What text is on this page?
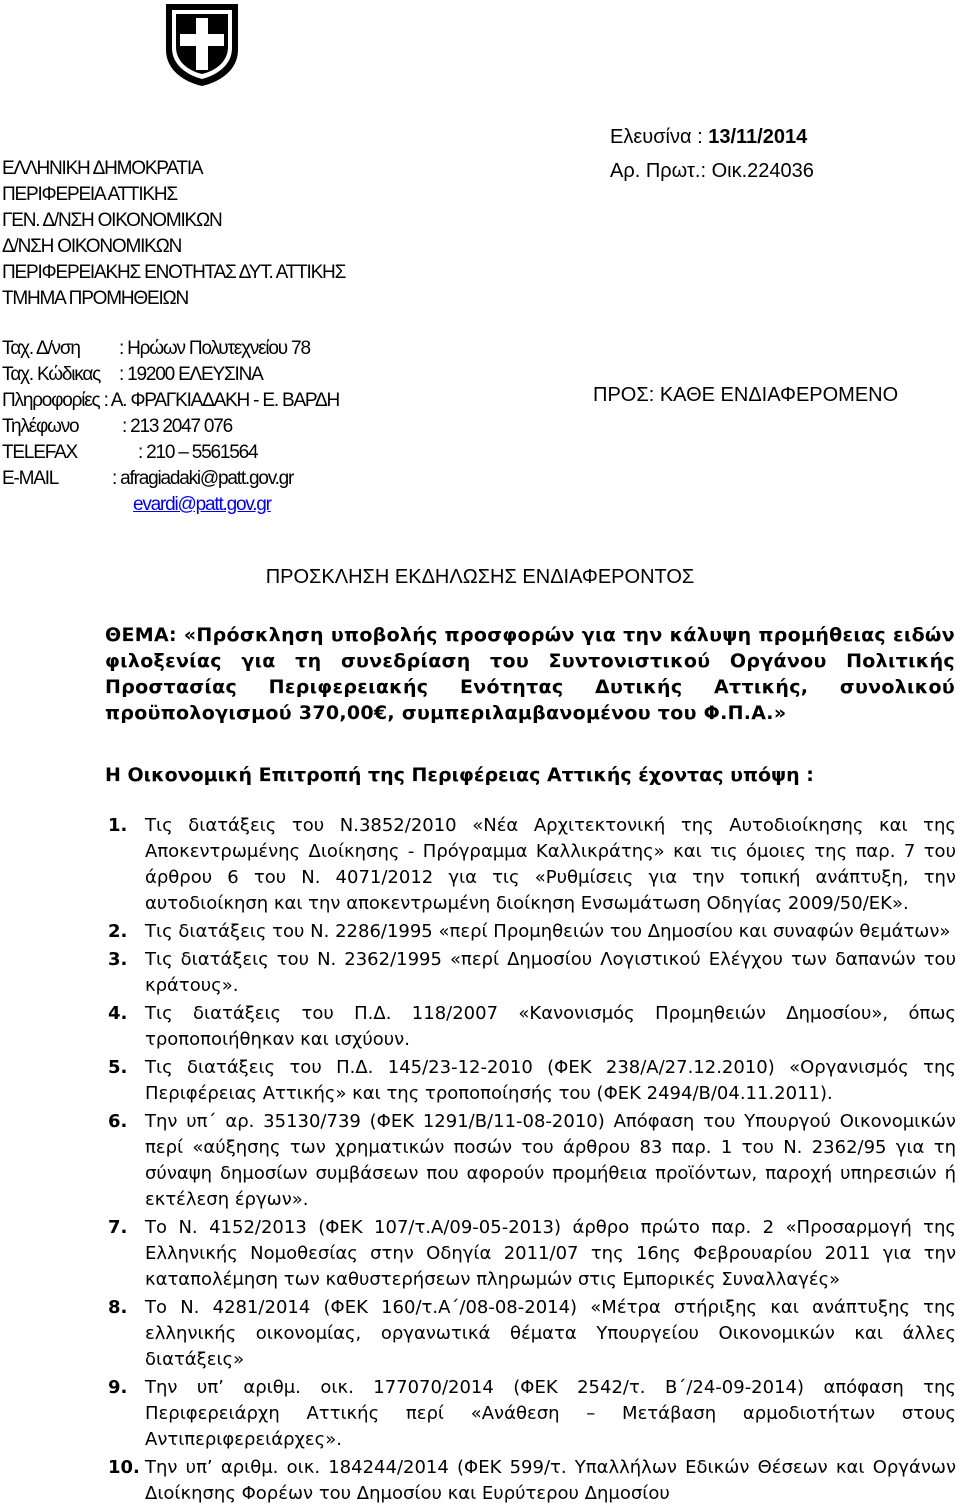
ΕΛΛΗΝΙΚΗ ΔΗΜΟΚΡΑΤΙΑ
ΠΕΡΙΦΕΡΕΙΑ ΑΤΤΙΚΗΣ
ΓΕΝ. Δ/ΝΣΗ ΟΙΚΟΝΟΜΙΚΩΝ
Δ/ΝΣΗ ΟΙΚΟΝΟΜΙΚΩΝ
ΠΕΡΙΦΕΡΕΙΑΚΗΣ ΕΝΟΤΗΤΑΣ ΔΥΤ. ΑΤΤΙΚΗΣ
ΤΜΗΜΑ ΠΡΟΜΗΘΕΙΩΝ
Ελευσίνα : 13/11/2014
Αρ. Πρωτ.: Οικ.224036
Ταχ. Δ/νση : Ηρώων Πολυτεχνείου 78
Ταχ. Κώδικας : 19200 ΕΛΕΥΣΙΝΑ
Πληροφορίες : Α. ΦΡΑΓΚΙΑΔΑΚΗ - Ε. ΒΑΡΔΗ
Τηλέφωνο : 213 2047 076
TELEFAX	: 210 – 5561564
E-MAIL	: afragiadaki@patt.gov.gr
evardi@patt.gov.gr
ΠΡΟΣ: ΚΑΘΕ ΕΝΔΙΑΦΕΡΟΜΕΝΟ
ΠΡΟΣΚΛΗΣΗ ΕΚΔΗΛΩΣΗΣ ΕΝΔΙΑΦΕΡΟΝΤΟΣ
ΘΕΜΑ: «Πρόσκληση υποβολής προσφορών για την κάλυψη προμήθειας ειδών φιλοξενίας για τη συνεδρίαση του Συντονιστικού Οργάνου Πολιτικής Προστασίας Περιφερειακής Ενότητας Δυτικής Αττικής, συνολικού προϋπολογισμού 370,00€, συμπεριλαμβανομένου του Φ.Π.Α.»
Η Οικονομική Επιτροπή της Περιφέρειας Αττικής έχοντας υπόψη :
1. Τις διατάξεις του Ν.3852/2010 «Νέα Αρχιτεκτονική της Αυτοδιοίκησης και της Αποκεντρωμένης Διοίκησης - Πρόγραμμα Καλλικράτης» και τις όμοιες της παρ. 7 του άρθρου 6 του Ν. 4071/2012 για τις «Ρυθμίσεις για την τοπική ανάπτυξη, την αυτοδιοίκηση και την αποκεντρωμένη διοίκηση Ενσωμάτωση Οδηγίας 2009/50/ΕΚ».
2. Τις διατάξεις του Ν. 2286/1995 «περί Προμηθειών του Δημοσίου και συναφών θεμάτων»
3. Τις διατάξεις του Ν. 2362/1995 «περί Δημοσίου Λογιστικού Ελέγχου των δαπανών του κράτους».
4. Τις διατάξεις του Π.Δ. 118/2007 «Κανονισμός Προμηθειών Δημοσίου», όπως τροποποιήθηκαν και ισχύουν.
5. Τις διατάξεις του Π.Δ. 145/23-12-2010 (ΦΕΚ 238/Α/27.12.2010) «Οργανισμός της Περιφέρειας Αττικής» και της τροποποίησής του (ΦΕΚ 2494/Β/04.11.2011).
6. Την υπ΄ αρ. 35130/739 (ΦΕΚ 1291/Β/11-08-2010) Απόφαση του Υπουργού Οικονομικών περί «αύξησης των χρηματικών ποσών του άρθρου 83 παρ. 1 του Ν. 2362/95 για τη σύναψη δημοσίων συμβάσεων που αφορούν προμήθεια προϊόντων, παροχή υπηρεσιών ή εκτέλεση έργων».
7. Το Ν. 4152/2013 (ΦΕΚ 107/τ.Α/09-05-2013) άρθρο πρώτο παρ. 2 «Προσαρμογή της Ελληνικής Νομοθεσίας στην Οδηγία 2011/07 της 16ης Φεβρουαρίου 2011 για την καταπολέμηση των καθυστερήσεων πληρωμών στις Εμπορικές Συναλλαγές»
8. Το Ν. 4281/2014 (ΦΕΚ 160/τ.Α΄/08-08-2014) «Μέτρα στήριξης και ανάπτυξης της ελληνικής οικονομίας, οργανωτικά θέματα Υπουργείου Οικονομικών και άλλες διατάξεις»
9. Την υπ’ αριθμ. οικ. 177070/2014 (ΦΕΚ 2542/τ. Β΄/24-09-2014) απόφαση της Περιφερειάρχη Αττικής περί «Ανάθεση – Μετάβαση αρμοδιοτήτων στους Αντιπεριφερειάρχες».
10. Την υπ’ αριθμ. οικ. 184244/2014 (ΦΕΚ 599/τ. Υπαλλήλων Εδικών Θέσεων και Οργάνων Διοίκησης Φορέων του Δημοσίου και Ευρύτερου Δημοσίου
